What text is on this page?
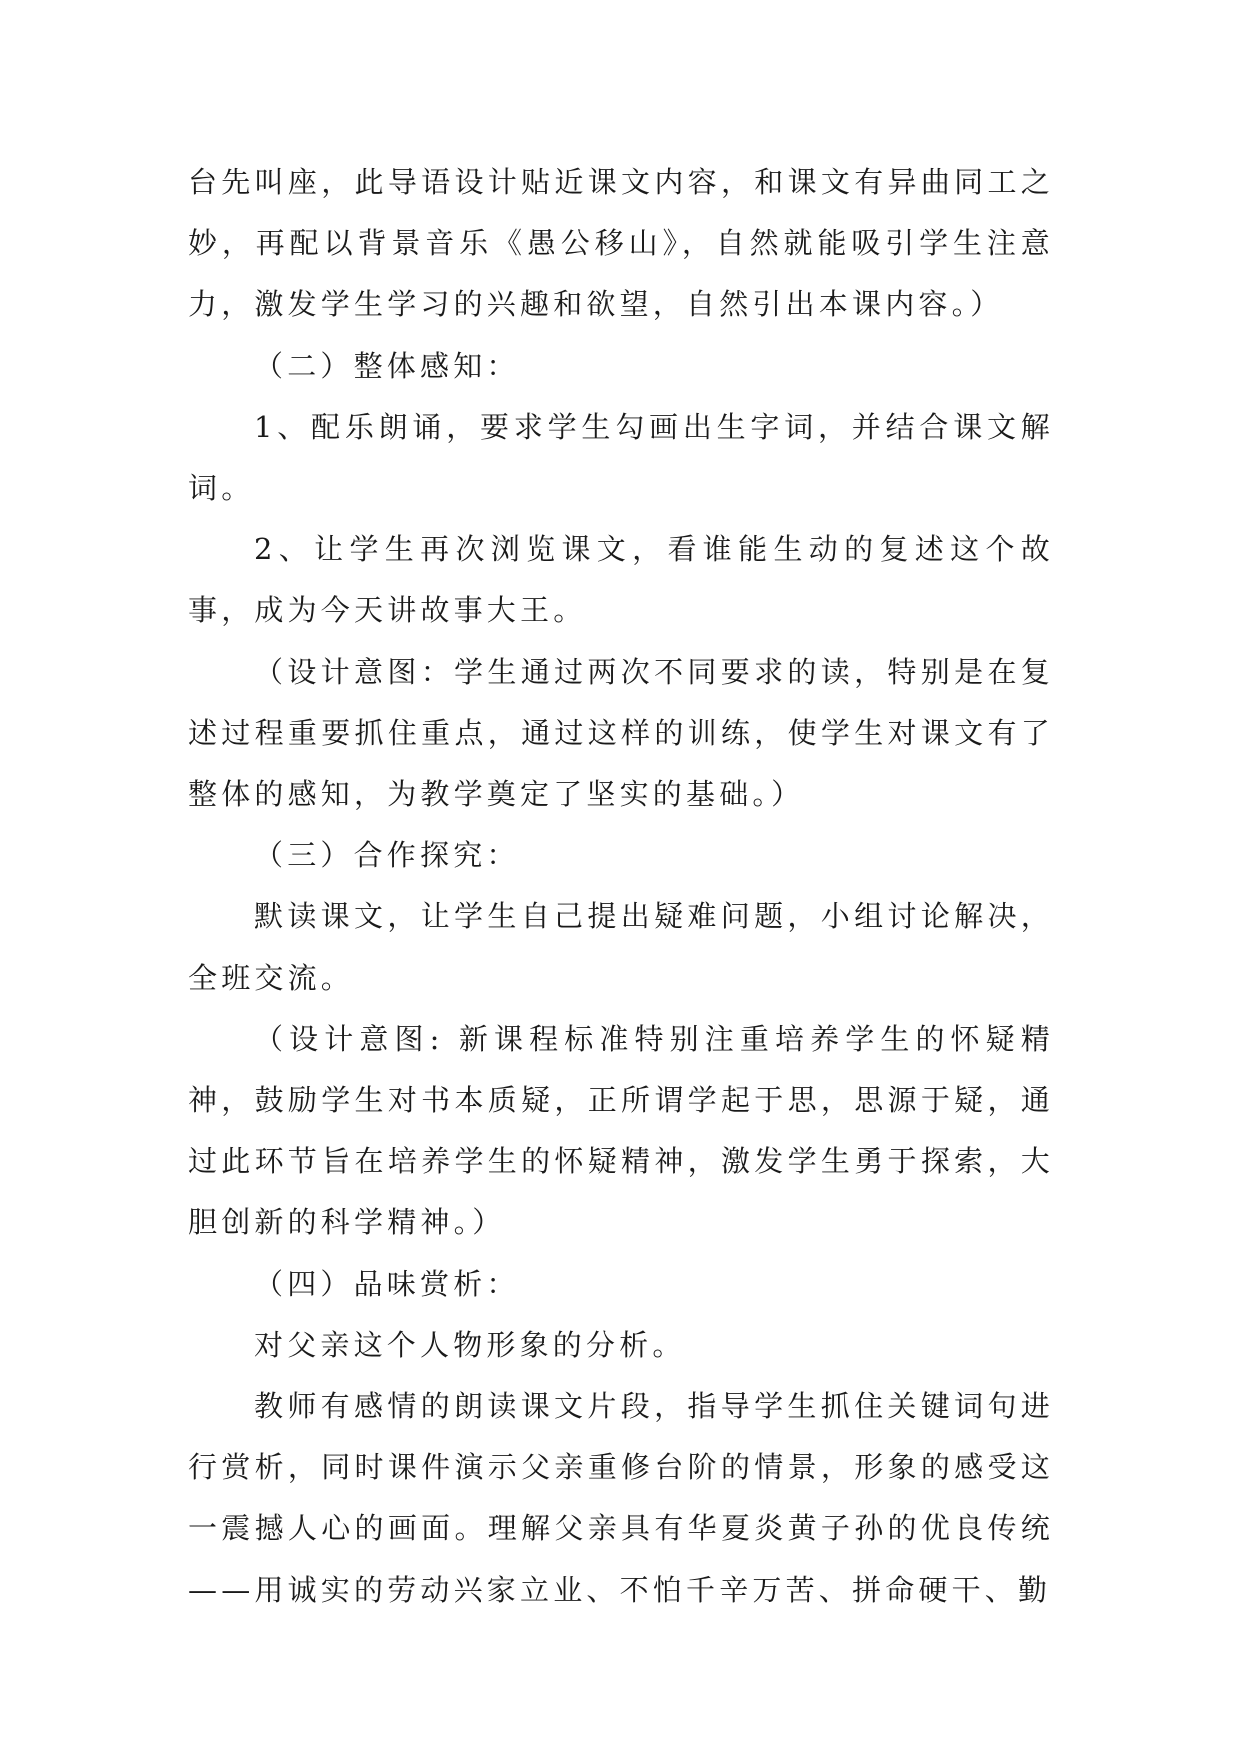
台先叫座，此导语设计贴近课文内容，和课文有异曲同工之妙，再配以背景音乐《愚公移山》，自然就能吸引学生注意力，激发学生学习的兴趣和欲望，自然引出本课内容。）

（二）整体感知：

1、配乐朗诵，要求学生勾画出生字词，并结合课文解词。

2、让学生再次浏览课文，看谁能生动的复述这个故事，成为今天讲故事大王。

（设计意图：学生通过两次不同要求的读，特别是在复述过程重要抓住重点，通过这样的训练，使学生对课文有了整体的感知，为教学奠定了坚实的基础。）

（三）合作探究：

默读课文，让学生自己提出疑难问题，小组讨论解决，全班交流。

（设计意图: 新课程标准特别注重培养学生的怀疑精神，鼓励学生对书本质疑，正所谓学起于思，思源于疑，通过此环节旨在培养学生的怀疑精神，激发学生勇于探索，大胆创新的科学精神。）

（四）品味赏析：

对父亲这个人物形象的分析。

教师有感情的朗读课文片段，指导学生抓住关键词句进行赏析，同时课件演示父亲重修台阶的情景，形象的感受这一震撼人心的画面。理解父亲具有华夏炎黄子孙的优良传统——用诚实的劳动兴家立业、不怕千辛万苦、拼命硬干、勤
